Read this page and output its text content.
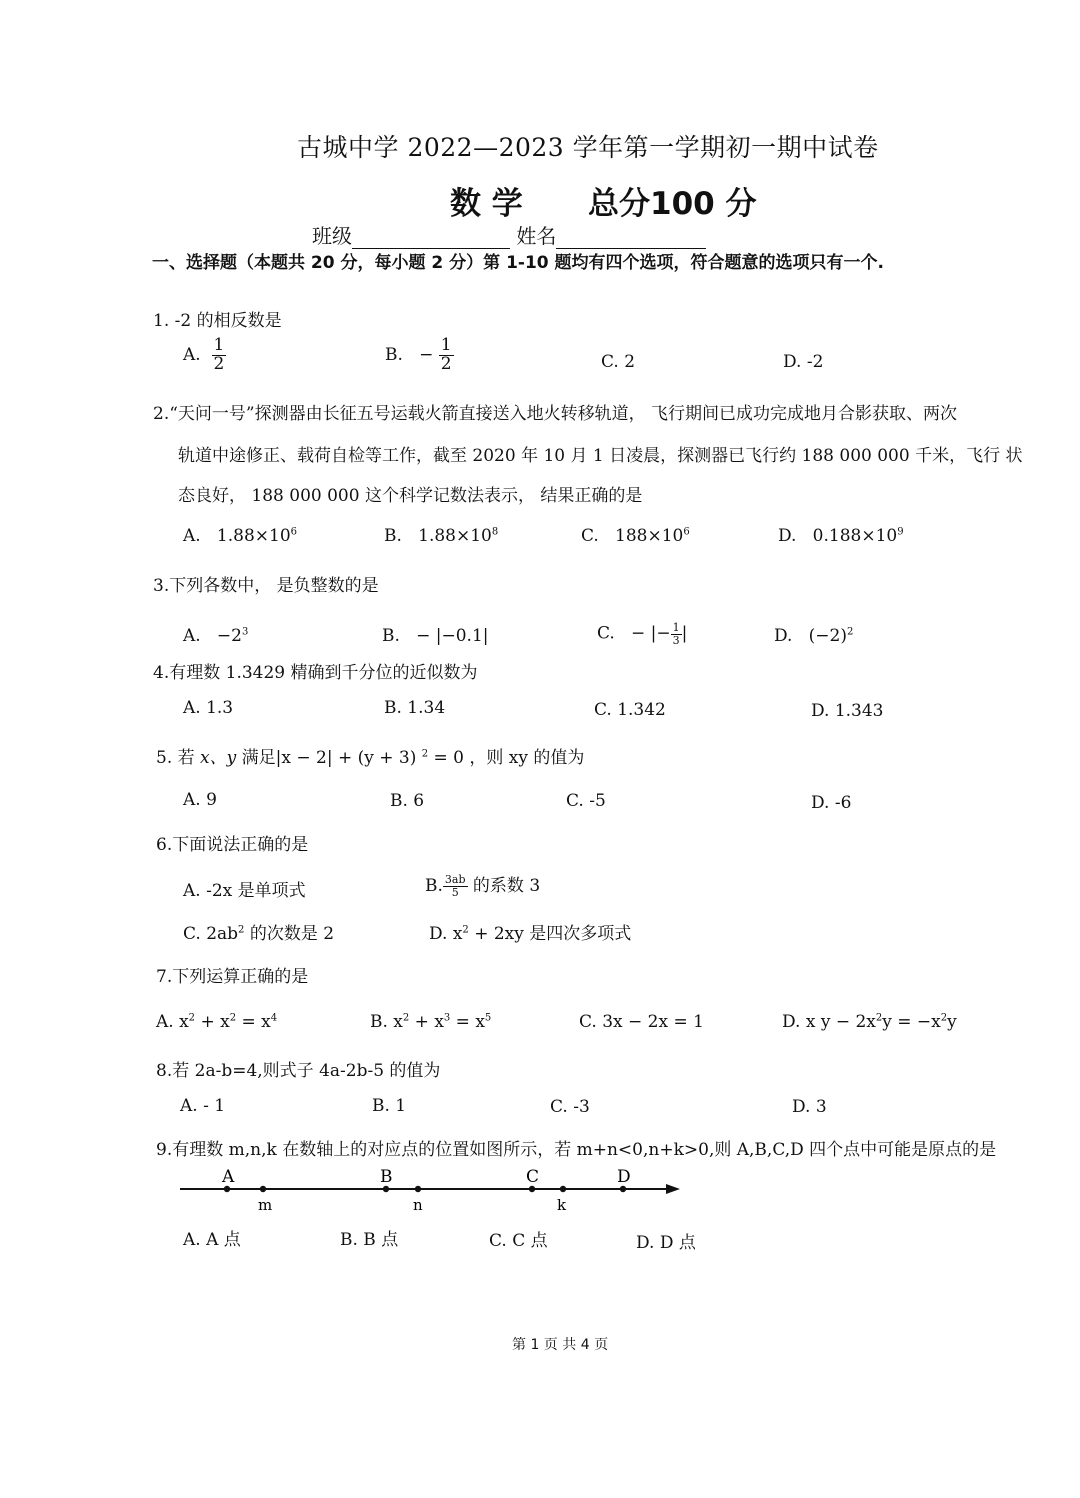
古城中学 2022—2023 学年第一学期初一期中试卷
数 学 总分100 分
班级	姓名
一、选择题（本题共 20 分，每小题 2 分）第 1-10 题均有四个选项，符合题意的选项只有一个.
1. -2 的相反数是
A. $\frac{1}{2}$	B. − $\frac{1}{2}$	C. 2	D. -2
2.“天问一号”探测器由长征五号运载火箭直接送入地火转移轨道， 飞行期间已成功完成地月合影获取、两次
轨道中途修正、载荷自检等工作，截至 2020 年 10 月 1 日凌晨，探测器已飞行约 188 000 000 千米，飞行 状
态良好， 188 000 000 这个科学记数法表示， 结果正确的是
A. $1.88\times 10^6$	B. $1.88\times 10^8$	C. $188\times 10^6$	D. $0.188\times 10^9$
3.下列各数中， 是负整数的是
A. $-2^3$	B. − |−0.1|	C. − |− $\frac{1}{3}$ |	D. $(-2)^2$
4.有理数 1.3429 精确到千分位的近似数为
A. 1.3	B. 1.34	C. 1.342	D. 1.343
5. 若 x、y 满足|x − 2| + (y + 3) $^2$ = 0 ，则 xy 的值为
A. 9	B. 6	C. -5	D. -6
6.下面说法正确的是
A. -2x 是单项式	B. $\frac{3ab}{5}$ 的系数 3
C. $2ab^2$ 的次数是 2	D. $x^2 + 2xy$ 是四次多项式
7.下列运算正确的是
A. $x^2 + x^2 = x^4$	B. $x^2 + x^3 = x^5$	C. 3x − 2x = 1	D. x $y - 2x^2y = -x^2y$
8.若 2a-b=4,则式子 4a-2b-5 的值为
A. - 1	B. 1	C. -3	D. 3
9.有理数 m,n,k 在数轴上的对应点的位置如图所示，若 m+n<0,n+k>0,则 A,B,C,D 四个点中可能是原点的是
A	B	C	D
m	n	k
A. A 点	B. B 点	C. C 点	D. D 点
第 1 页 共 4 页
